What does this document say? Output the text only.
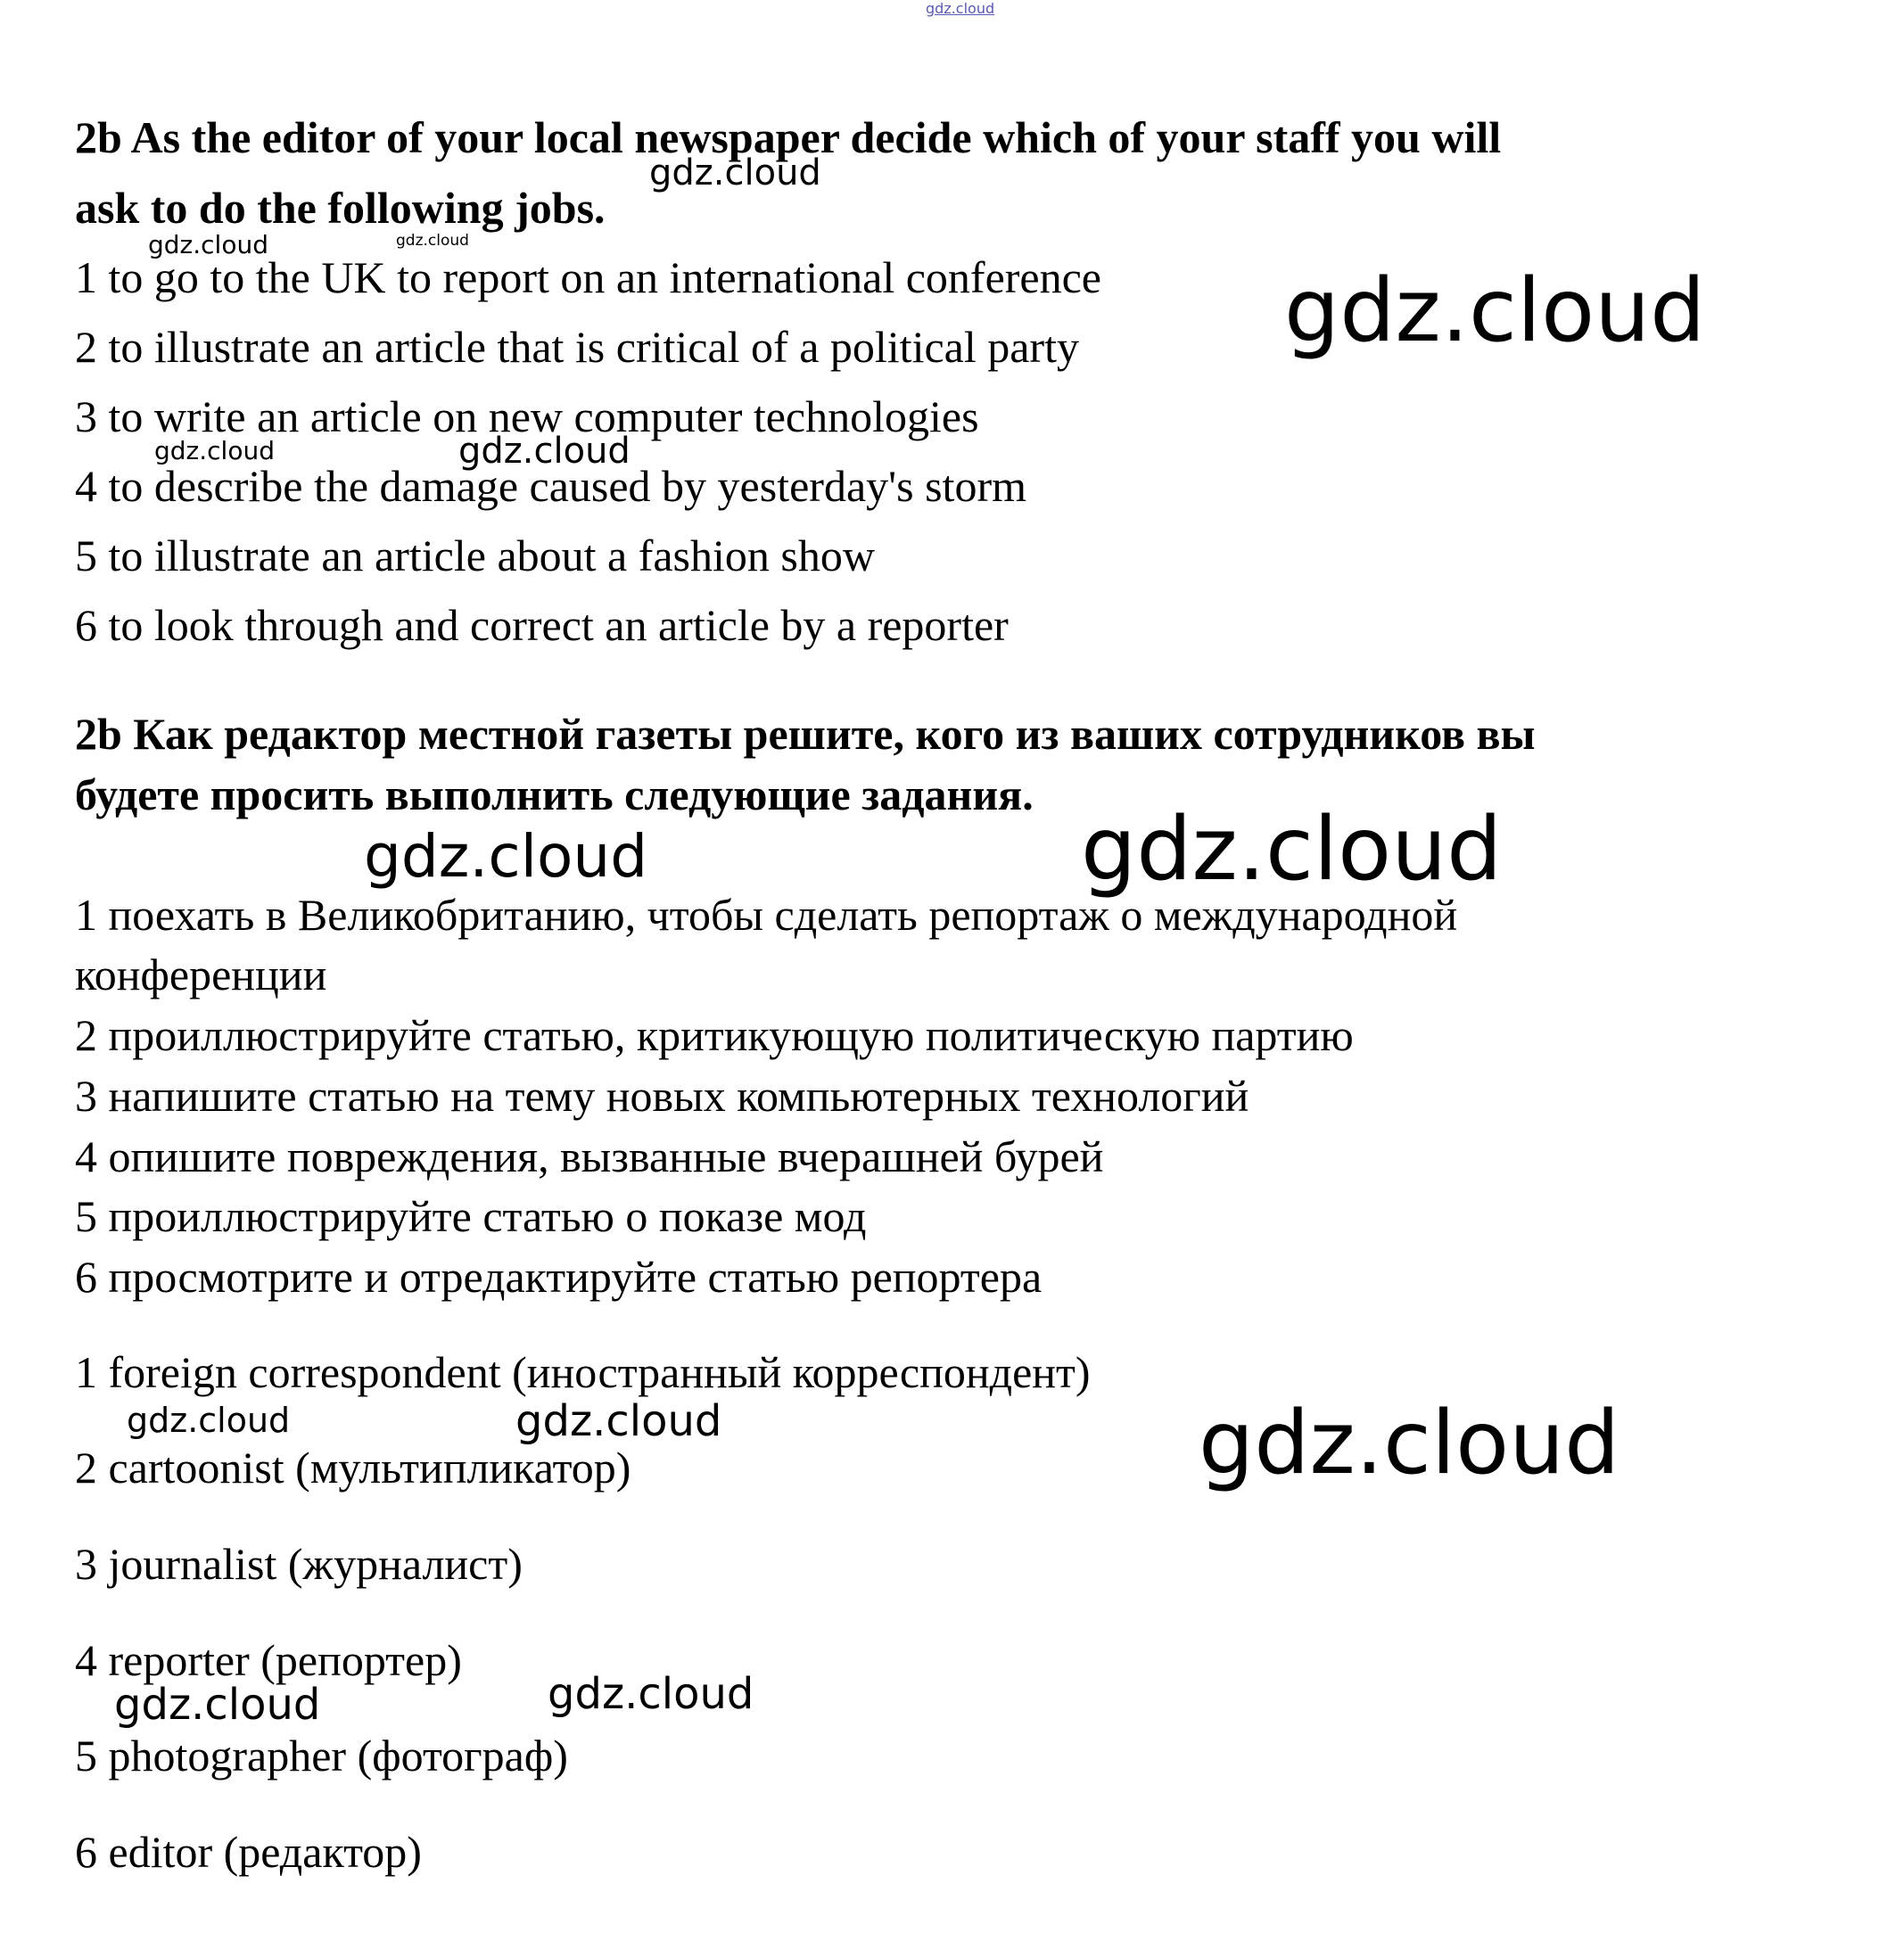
gdz.cloud
2b As the editor of your local newspaper decide which of your staff you will
ask to do the following jobs.
1 to go to the UK to report on an international conference
2 to illustrate an article that is critical of a political party
3 to write an article on new computer technologies
4 to describe the damage caused by yesterday's storm
5 to illustrate an article about a fashion show
6 to look through and correct an article by a reporter
2b Как редактор местной газеты решите, кого из ваших сотрудников вы
будете просить выполнить следующие задания.
1 поехать в Великобританию, чтобы сделать репортаж о международной
конференции
2 проиллюстрируйте статью, критикующую политическую партию
3 напишите статью на тему новых компьютерных технологий
4 опишите повреждения, вызванные вчерашней бурей
5 проиллюстрируйте статью о показе мод
6 просмотрите и отредактируйте статью репортера
1 foreign correspondent (иностранный корреспондент)
2 cartoonist (мультипликатор)
3 journalist (журналист)
4 reporter (репортер)
5 photographer (фотограф)
6 editor (редактор)
gdz.cloud
gdz.cloud	gdz.cloud
gdz.cloud
gdz.cloud	gdz.cloud
gdz.cloud	gdz.cloud
gdz.cloud	gdz.cloud	gdz.cloud
gdz.cloud	gdz.cloud
